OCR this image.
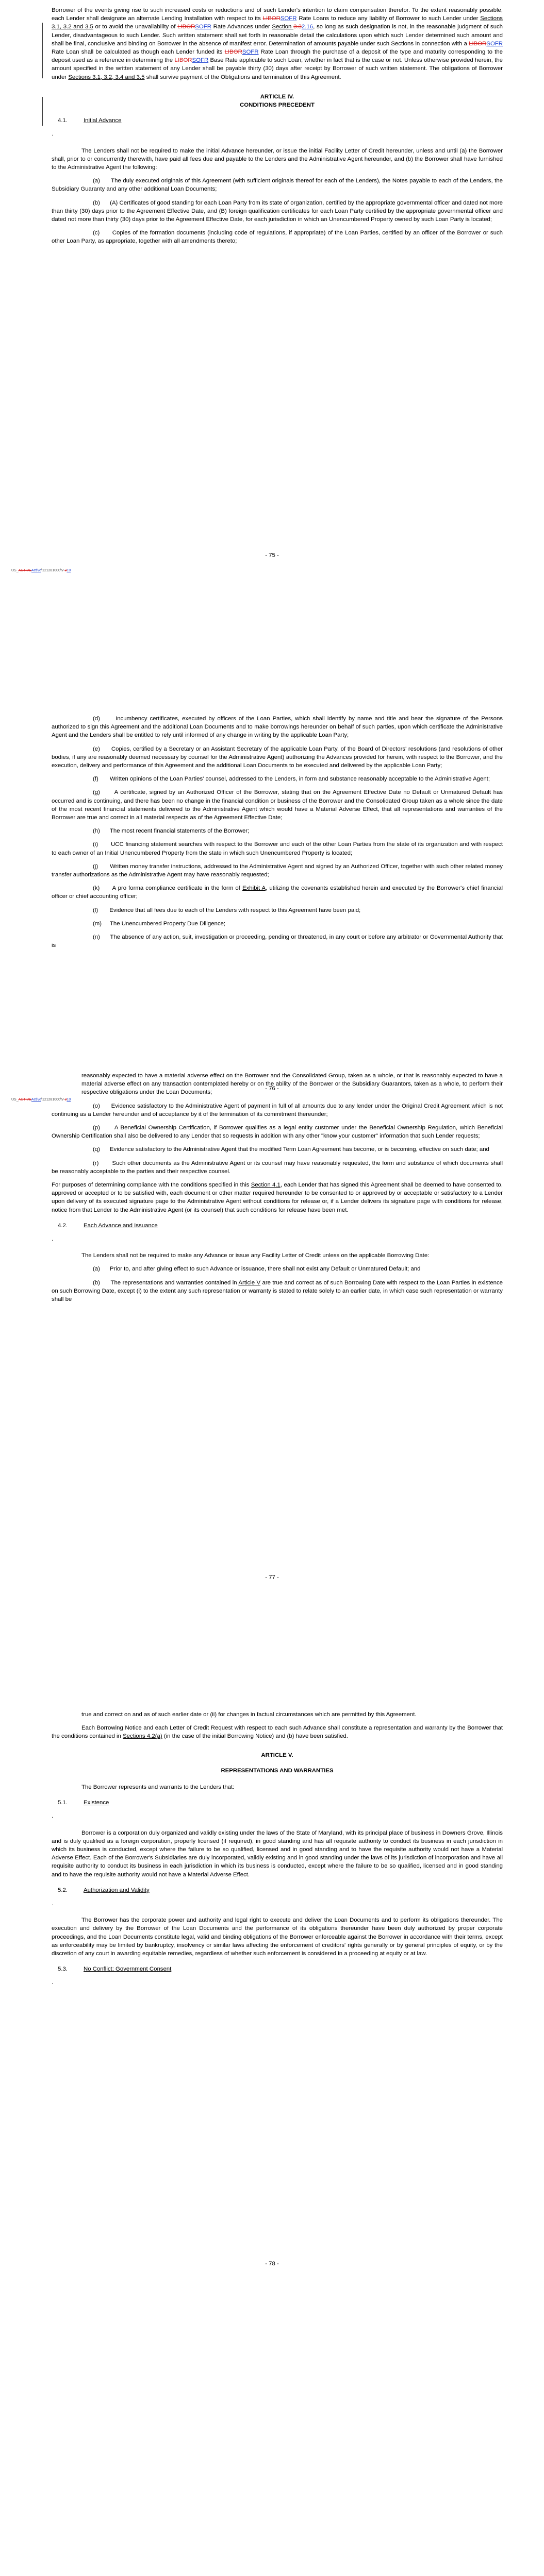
Borrower of the events giving rise to such increased costs or reductions and of such Lender's intention to claim compensation therefor. To the extent reasonably possible, each Lender shall designate an alternate Lending Installation with respect to its LIBORSOFR Rate Loans to reduce any liability of Borrower to such Lender under Sections 3.1, 3.2 and 3.5 or to avoid the unavailability of LIBORSOFR Rate Advances under Section 3.32.16, so long as such designation is not, in the reasonable judgment of such Lender, disadvantageous to such Lender. Such written statement shall set forth in reasonable detail the calculations upon which such Lender determined such amount and shall be final, conclusive and binding on Borrower in the absence of manifest error. Determination of amounts payable under such Sections in connection with a LIBORSOFR Rate Loan shall be calculated as though each Lender funded its LIBORSOFR Rate Loan through the purchase of a deposit of the type and maturity corresponding to the deposit used as a reference in determining the LIBORSOFR Base Rate applicable to such Loan, whether in fact that is the case or not. Unless otherwise provided herein, the amount specified in the written statement of any Lender shall be payable thirty (30) days after receipt by Borrower of such written statement. The obligations of Borrower under Sections 3.1, 3.2, 3.4 and 3.5 shall survive payment of the Obligations and termination of this Agreement.

ARTICLE IV.
CONDITIONS PRECEDENT
4.1.	Initial Advance
.

The Lenders shall not be required to make the initial Advance hereunder, or issue the initial Facility Letter of Credit hereunder, unless and until (a) the Borrower shall, prior to or concurrently therewith, have paid all fees due and payable to the Lenders and the Administrative Agent hereunder, and (b) the Borrower shall have furnished to the Administrative Agent the following:

(a)      The duly executed originals of this Agreement (with sufficient originals thereof for each of the Lenders), the Notes payable to each of the Lenders, the Subsidiary Guaranty and any other additional Loan Documents;

(b)      (A) Certificates of good standing for each Loan Party from its state of organization, certified by the appropriate governmental officer and dated not more than thirty (30) days prior to the Agreement Effective Date, and (B) foreign qualification certificates for each Loan Party certified by the appropriate governmental officer and dated not more than thirty (30) days prior to the Agreement Effective Date, for each jurisdiction in which an Unencumbered Property owned by such Loan Party is located;

(c)      Copies of the formation documents (including code of regulations, if appropriate) of the Loan Parties, certified by an officer of the Borrower or such other Loan Party, as appropriate, together with all amendments thereto;

- 75 -
US_ACTIVEActive\121281000\V-210

(d)      Incumbency certificates, executed by officers of the Loan Parties, which shall identify by name and title and bear the signature of the Persons authorized to sign this Agreement and the additional Loan Documents and to make borrowings hereunder on behalf of such parties, upon which certificate the Administrative Agent and the Lenders shall be entitled to rely until informed of any change in writing by the applicable Loan Party;

(e)      Copies, certified by a Secretary or an Assistant Secretary of the applicable Loan Party, of the Board of Directors' resolutions (and resolutions of other bodies, if any are reasonably deemed necessary by counsel for the Administrative Agent) authorizing the Advances provided for herein, with respect to the Borrower, and the execution, delivery and performance of this Agreement and the additional Loan Documents to be executed and delivered by the applicable Loan Party;

(f)       Written opinions of the Loan Parties' counsel, addressed to the Lenders, in form and substance reasonably acceptable to the Administrative Agent;

(g)      A certificate, signed by an Authorized Officer of the Borrower, stating that on the Agreement Effective Date no Default or Unmatured Default has occurred and is continuing, and there has been no change in the financial condition or business of the Borrower and the Consolidated Group taken as a whole since the date of the most recent financial statements delivered to the Administrative Agent which would have a Material Adverse Effect, that all representations and warranties of the Borrower are true and correct in all material respects as of the Agreement Effective Date;

(h)      The most recent financial statements of the Borrower;

(i)       UCC financing statement searches with respect to the Borrower and each of the other Loan Parties from the state of its organization and with respect to each owner of an Initial Unencumbered Property from the state in which such Unencumbered Property is located;

(j)       Written money transfer instructions, addressed to the Administrative Agent and signed by an Authorized Officer, together with such other related money transfer authorizations as the Administrative Agent may have reasonably requested;

(k)      A pro forma compliance certificate in the form of Exhibit A, utilizing the covenants established herein and executed by the Borrower's chief financial officer or chief accounting officer;

(l)       Evidence that all fees due to each of the Lenders with respect to this Agreement have been paid;

(m)     The Unencumbered Property Due Diligence;

(n)      The absence of any action, suit, investigation or proceeding, pending or threatened, in any court or before any arbitrator or Governmental Authority that is

- 76 -
US_ACTIVEActive\121281000\V-210

reasonably expected to have a material adverse effect on the Borrower and the Consolidated Group, taken as a whole, or that is reasonably expected to have a material adverse effect on any transaction contemplated hereby or on the ability of the Borrower or the Subsidiary Guarantors, taken as a whole, to perform their respective obligations under the Loan Documents;

(o)      Evidence satisfactory to the Administrative Agent of payment in full of all amounts due to any lender under the Original Credit Agreement which is not continuing as a Lender hereunder and of acceptance by it of the termination of its commitment thereunder;

(p)      A Beneficial Ownership Certification, if Borrower qualifies as a legal entity customer under the Beneficial Ownership Regulation, which Beneficial Ownership Certification shall also be delivered to any Lender that so requests in addition with any other "know your customer" information that such Lender requests;

(q)      Evidence satisfactory to the Administrative Agent that the modified Term Loan Agreement has become, or is becoming, effective on such date; and

(r)       Such other documents as the Administrative Agent or its counsel may have reasonably requested, the form and substance of which documents shall be reasonably acceptable to the parties and their respective counsel.

For purposes of determining compliance with the conditions specified in this Section 4.1, each Lender that has signed this Agreement shall be deemed to have consented to, approved or accepted or to be satisfied with, each document or other matter required hereunder to be consented to or approved by or acceptable or satisfactory to a Lender upon delivery of its executed signature page to the Administrative Agent without conditions for release or, if a Lender delivers its signature page with conditions for release, notice from that Lender to the Administrative Agent (or its counsel) that such conditions for release have been met.

4.2.	Each Advance and Issuance
.

The Lenders shall not be required to make any Advance or issue any Facility Letter of Credit unless on the applicable Borrowing Date:

(a)      Prior to, and after giving effect to such Advance or issuance, there shall not exist any Default or Unmatured Default; and

(b)      The representations and warranties contained in Article V are true and correct as of such Borrowing Date with respect to the Loan Parties in existence on such Borrowing Date, except (i) to the extent any such representation or warranty is stated to relate solely to an earlier date, in which case such representation or warranty shall be

- 77 -

true and correct on and as of such earlier date or (ii) for changes in factual circumstances which are permitted by this Agreement.

Each Borrowing Notice and each Letter of Credit Request with respect to each such Advance shall constitute a representation and warranty by the Borrower that the conditions contained in Sections 4.2(a) (in the case of the initial Borrowing Notice) and (b) have been satisfied.

ARTICLE V.
REPRESENTATIONS AND WARRANTIES

The Borrower represents and warrants to the Lenders that:

5.1.	Existence
.

Borrower is a corporation duly organized and validly existing under the laws of the State of Maryland, with its principal place of business in Downers Grove, Illinois and is duly qualified as a foreign corporation, properly licensed (if required), in good standing and has all requisite authority to conduct its business in each jurisdiction in which its business is conducted, except where the failure to be so qualified, licensed and in good standing and to have the requisite authority would not have a Material Adverse Effect. Each of the Borrower's Subsidiaries are duly incorporated, validly existing and in good standing under the laws of its jurisdiction of incorporation and have all requisite authority to conduct its business in each jurisdiction in which its business is conducted, except where the failure to be so qualified, licensed and in good standing and to have the requisite authority would not have a Material Adverse Effect.

5.2.	Authorization and Validity
.

The Borrower has the corporate power and authority and legal right to execute and deliver the Loan Documents and to perform its obligations thereunder. The execution and delivery by the Borrower of the Loan Documents and the performance of its obligations thereunder have been duly authorized by proper corporate proceedings, and the Loan Documents constitute legal, valid and binding obligations of the Borrower enforceable against the Borrower in accordance with their terms, except as enforceability may be limited by bankruptcy, insolvency or similar laws affecting the enforcement of creditors' rights generally or by general principles of equity, or by the discretion of any court in awarding equitable remedies, regardless of whether such enforcement is considered in a proceeding at equity or at law.

5.3.	No Conflict; Government Consent
.
- 78 -
